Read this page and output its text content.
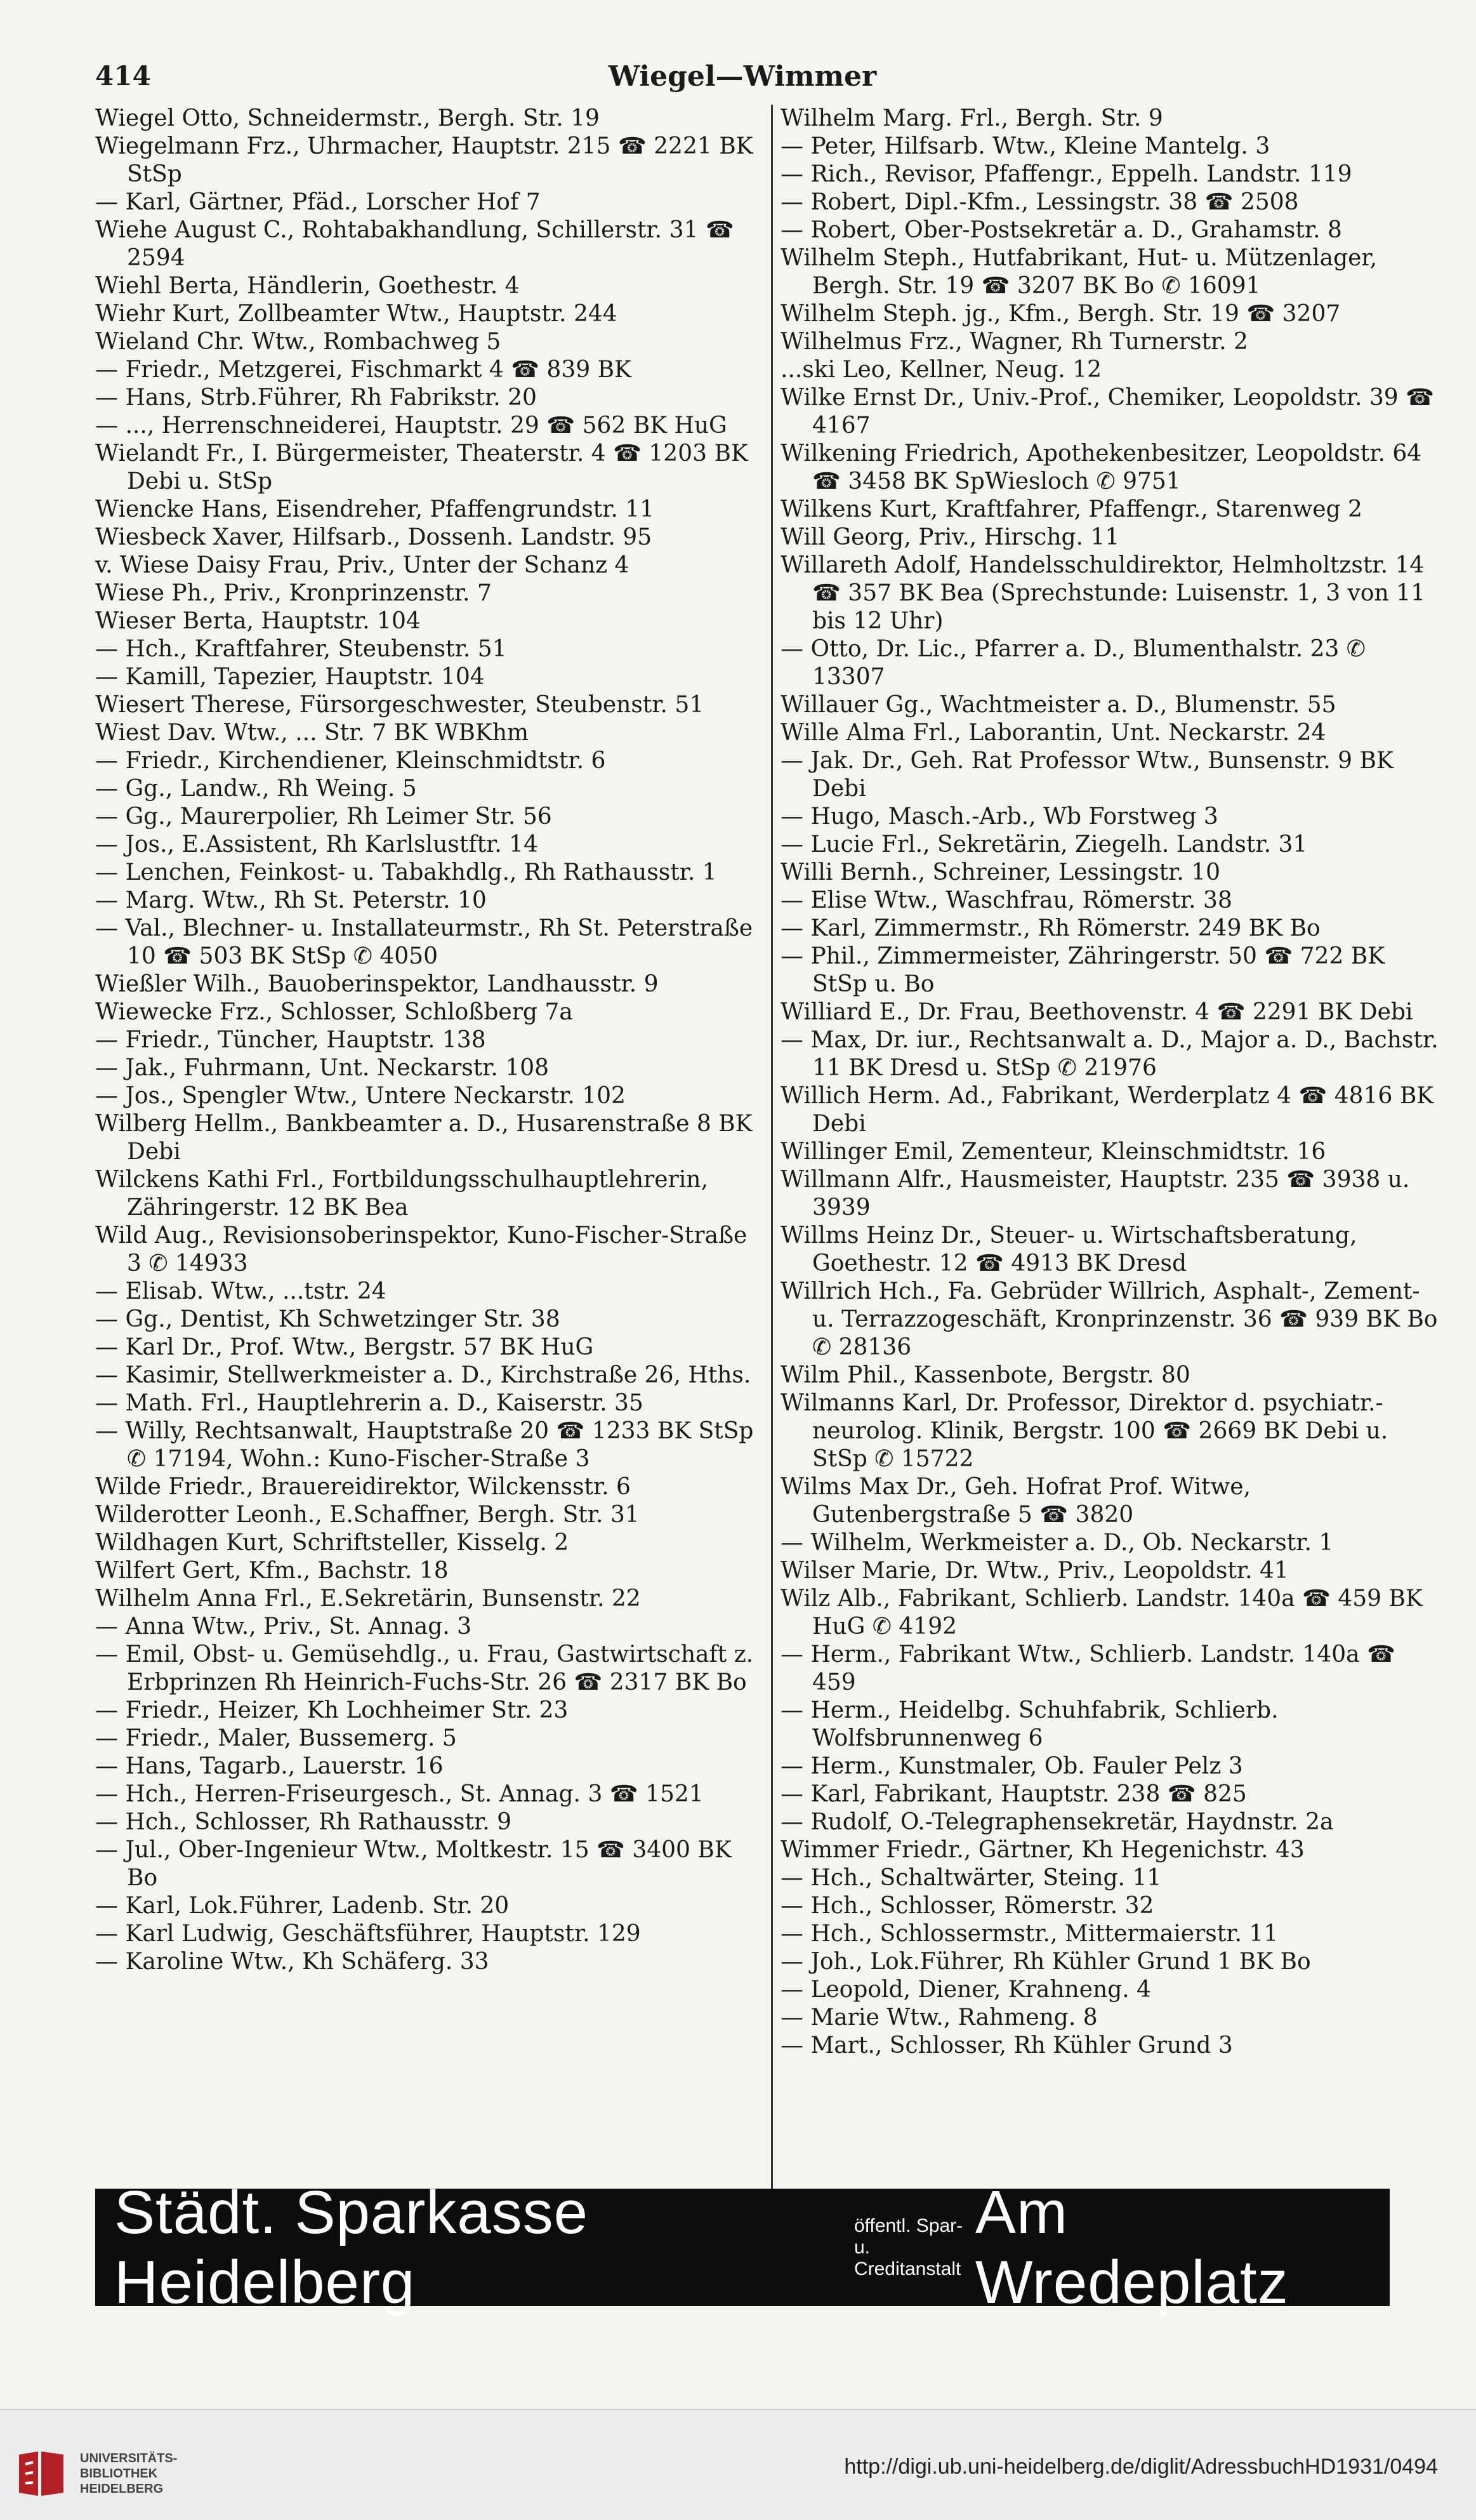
414	Wiegel—Wimmer

Wiegel Otto, Schneidermstr., Bergh. Str. 19

Wiegelmann Frz., Uhrmacher, Hauptstr. 215 ☎ 2221 BK StSp

— Karl, Gärtner, Pfäd., Lorscher Hof 7

Wiehe August C., Rohtabakhandlung, Schillerstr. 31 ☎ 2594

Wiehl Berta, Händlerin, Goethestr. 4

Wiehr Kurt, Zollbeamter Wtw., Hauptstr. 244

Wieland Chr. Wtw., Rombachweg 5

— Friedr., Metzgerei, Fischmarkt 4 ☎ 839 BK

— Hans, Strb.Führer, Rh Fabrikstr. 20

— ..., Herrenschneiderei, Hauptstr. 29 ☎ 562 BK HuG

Wielandt Fr., I. Bürgermeister, Theaterstr. 4 ☎ 1203 BK Debi u. StSp

Wiencke Hans, Eisendreher, Pfaffengrundstr. 11

Wiesbeck Xaver, Hilfsarb., Dossenh. Landstr. 95

v. Wiese Daisy Frau, Priv., Unter der Schanz 4

Wiese Ph., Priv., Kronprinzenstr. 7

Wieser Berta, Hauptstr. 104

— Hch., Kraftfahrer, Steubenstr. 51

— Kamill, Tapezier, Hauptstr. 104

Wiesert Therese, Fürsorgeschwester, Steubenstr. 51

Wiest Dav. Wtw., ... Str. 7 BK WBKhm

— Friedr., Kirchendiener, Kleinschmidtstr. 6

— Gg., Landw., Rh Weing. 5

— Gg., Maurerpolier, Rh Leimer Str. 56

— Jos., E.Assistent, Rh Karlslustftr. 14

— Lenchen, Feinkost- u. Tabakhdlg., Rh Rathausstr. 1

— Marg. Wtw., Rh St. Peterstr. 10

— Val., Blechner- u. Installateurmstr., Rh St. Peterstraße 10 ☎ 503 BK StSp ✆ 4050

Wießler Wilh., Bauoberinspektor, Landhausstr. 9

Wiewecke Frz., Schlosser, Schloßberg 7a

— Friedr., Tüncher, Hauptstr. 138

— Jak., Fuhrmann, Unt. Neckarstr. 108

— Jos., Spengler Wtw., Untere Neckarstr. 102

Wilberg Hellm., Bankbeamter a. D., Husarenstraße 8 BK Debi

Wilckens Kathi Frl., Fortbildungsschulhauptlehrerin, Zähringerstr. 12 BK Bea

Wild Aug., Revisionsoberinspektor, Kuno-Fischer-Straße 3 ✆ 14933

— Elisab. Wtw., ...tstr. 24

— Gg., Dentist, Kh Schwetzinger Str. 38

— Karl Dr., Prof. Wtw., Bergstr. 57 BK HuG

— Kasimir, Stellwerkmeister a. D., Kirchstraße 26, Hths.

— Math. Frl., Hauptlehrerin a. D., Kaiserstr. 35

— Willy, Rechtsanwalt, Hauptstraße 20 ☎ 1233 BK StSp ✆ 17194, Wohn.: Kuno-Fischer-Straße 3

Wilde Friedr., Brauereidirektor, Wilckensstr. 6

Wilderotter Leonh., E.Schaffner, Bergh. Str. 31

Wildhagen Kurt, Schriftsteller, Kisselg. 2

Wilfert Gert, Kfm., Bachstr. 18

Wilhelm Anna Frl., E.Sekretärin, Bunsenstr. 22

— Anna Wtw., Priv., St. Annag. 3

— Emil, Obst- u. Gemüsehdlg., u. Frau, Gastwirtschaft z. Erbprinzen Rh Heinrich-Fuchs-Str. 26 ☎ 2317 BK Bo

— Friedr., Heizer, Kh Lochheimer Str. 23

— Friedr., Maler, Bussemerg. 5

— Hans, Tagarb., Lauerstr. 16

— Hch., Herren-Friseurgesch., St. Annag. 3 ☎ 1521

— Hch., Schlosser, Rh Rathausstr. 9

— Jul., Ober-Ingenieur Wtw., Moltkestr. 15 ☎ 3400 BK Bo

— Karl, Lok.Führer, Ladenb. Str. 20

— Karl Ludwig, Geschäftsführer, Hauptstr. 129

— Karoline Wtw., Kh Schäferg. 33

Wilhelm Marg. Frl., Bergh. Str. 9

— Peter, Hilfsarb. Wtw., Kleine Mantelg. 3

— Rich., Revisor, Pfaffengr., Eppelh. Landstr. 119

— Robert, Dipl.-Kfm., Lessingstr. 38 ☎ 2508

— Robert, Ober-Postsekretär a. D., Grahamstr. 8

Wilhelm Steph., Hutfabrikant, Hut- u. Mützenlager, Bergh. Str. 19 ☎ 3207 BK Bo ✆ 16091

Wilhelm Steph. jg., Kfm., Bergh. Str. 19 ☎ 3207

Wilhelmus Frz., Wagner, Rh Turnerstr. 2

...ski Leo, Kellner, Neug. 12

Wilke Ernst Dr., Univ.-Prof., Chemiker, Leopoldstr. 39 ☎ 4167

Wilkening Friedrich, Apothekenbesitzer, Leopoldstr. 64 ☎ 3458 BK SpWiesloch ✆ 9751

Wilkens Kurt, Kraftfahrer, Pfaffengr., Starenweg 2

Will Georg, Priv., Hirschg. 11

Willareth Adolf, Handelsschuldirektor, Helmholtzstr. 14 ☎ 357 BK Bea (Sprechstunde: Luisenstr. 1, 3 von 11 bis 12 Uhr)

— Otto, Dr. Lic., Pfarrer a. D., Blumenthalstr. 23 ✆ 13307

Willauer Gg., Wachtmeister a. D., Blumenstr. 55

Wille Alma Frl., Laborantin, Unt. Neckarstr. 24

— Jak. Dr., Geh. Rat Professor Wtw., Bunsenstr. 9 BK Debi

— Hugo, Masch.-Arb., Wb Forstweg 3

— Lucie Frl., Sekretärin, Ziegelh. Landstr. 31

Willi Bernh., Schreiner, Lessingstr. 10

— Elise Wtw., Waschfrau, Römerstr. 38

— Karl, Zimmermstr., Rh Römerstr. 249 BK Bo

— Phil., Zimmermeister, Zähringerstr. 50 ☎ 722 BK StSp u. Bo

Williard E., Dr. Frau, Beethovenstr. 4 ☎ 2291 BK Debi

— Max, Dr. iur., Rechtsanwalt a. D., Major a. D., Bachstr. 11 BK Dresd u. StSp ✆ 21976

Willich Herm. Ad., Fabrikant, Werderplatz 4 ☎ 4816 BK Debi

Willinger Emil, Zementeur, Kleinschmidtstr. 16

Willmann Alfr., Hausmeister, Hauptstr. 235 ☎ 3938 u. 3939

Willms Heinz Dr., Steuer- u. Wirtschaftsberatung, Goethestr. 12 ☎ 4913 BK Dresd

Willrich Hch., Fa. Gebrüder Willrich, Asphalt-, Zement- u. Terrazzogeschäft, Kronprinzenstr. 36 ☎ 939 BK Bo ✆ 28136

Wilm Phil., Kassenbote, Bergstr. 80

Wilmanns Karl, Dr. Professor, Direktor d. psychiatr.-neurolog. Klinik, Bergstr. 100 ☎ 2669 BK Debi u. StSp ✆ 15722

Wilms Max Dr., Geh. Hofrat Prof. Witwe, Gutenbergstraße 5 ☎ 3820

— Wilhelm, Werkmeister a. D., Ob. Neckarstr. 1

Wilser Marie, Dr. Wtw., Priv., Leopoldstr. 41

Wilz Alb., Fabrikant, Schlierb. Landstr. 140a ☎ 459 BK HuG ✆ 4192

— Herm., Fabrikant Wtw., Schlierb. Landstr. 140a ☎ 459

— Herm., Heidelbg. Schuhfabrik, Schlierb. Wolfsbrunnenweg 6

— Herm., Kunstmaler, Ob. Fauler Pelz 3

— Karl, Fabrikant, Hauptstr. 238 ☎ 825

— Rudolf, O.-Telegraphensekretär, Haydnstr. 2a

Wimmer Friedr., Gärtner, Kh Hegenichstr. 43

— Hch., Schaltwärter, Steing. 11

— Hch., Schlosser, Römerstr. 32

— Hch., Schlossermstr., Mittermaierstr. 11

— Joh., Lok.Führer, Rh Kühler Grund 1 BK Bo

— Leopold, Diener, Krahneng. 4

— Marie Wtw., Rahmeng. 8

— Mart., Schlosser, Rh Kühler Grund 3

Städt. Sparkasse Heidelberg
öffentl. Spar- u.
Creditanstalt
Am Wredeplatz
UNIVERSITÄTS-
BIBLIOTHEK
HEIDELBERG
http://digi.ub.uni-heidelberg.de/diglit/AdressbuchHD1931/0494
